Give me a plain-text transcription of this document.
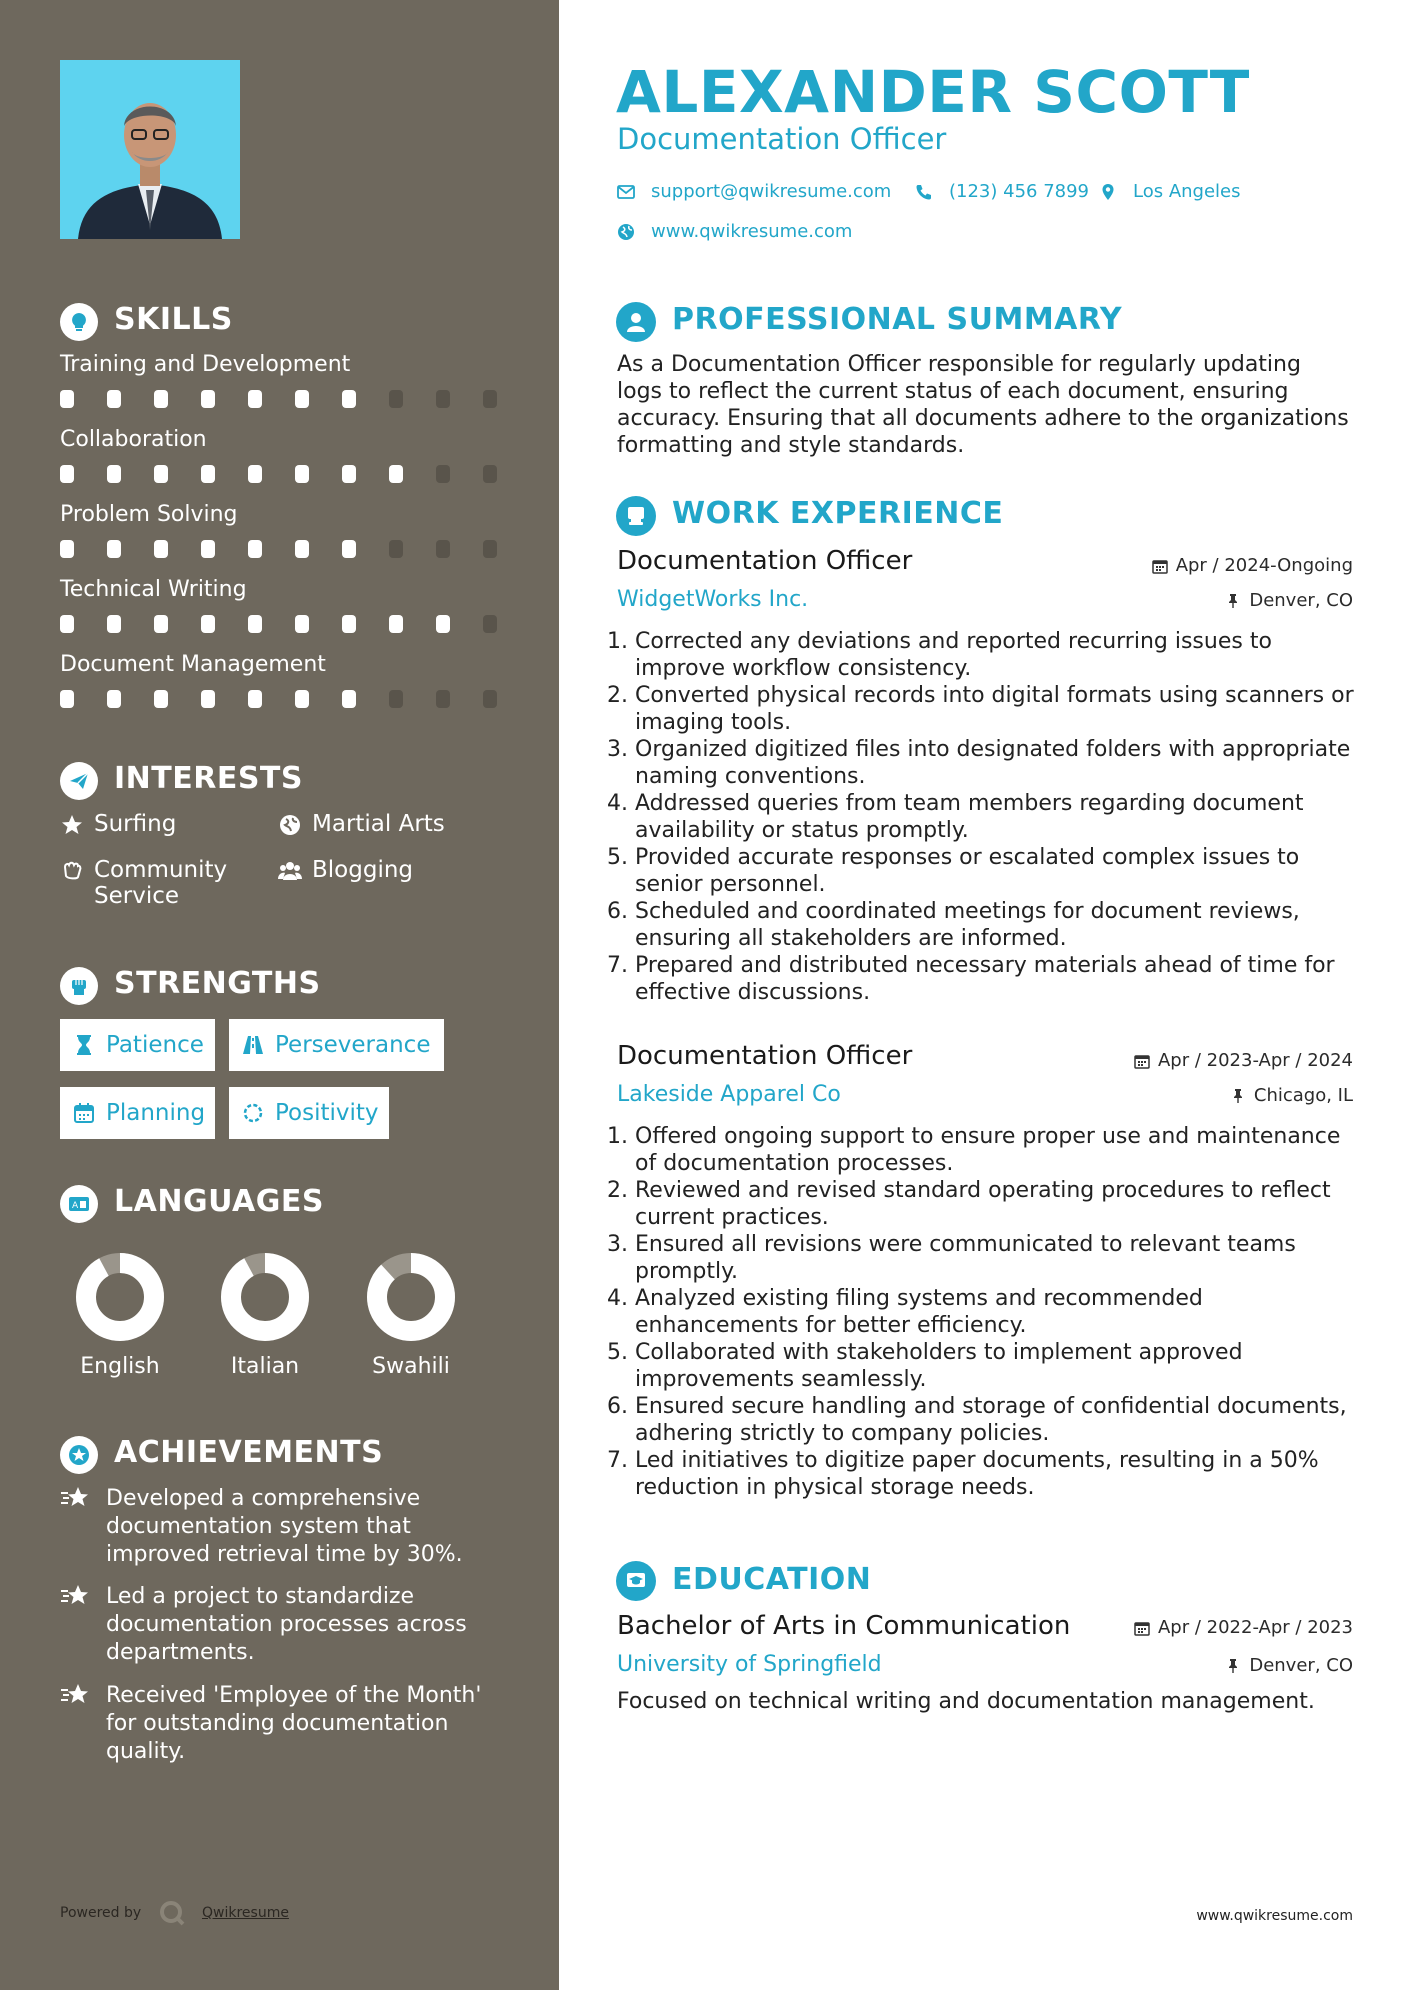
SKILLS
Training and Development
Collaboration
Problem Solving
Technical Writing
Document Management
INTERESTS
Surfing	Martial Arts
Community Service
Blogging
STRENGTHS
Patience	Perseverance
Planning	Positivity
A LANGUAGES
English	Italian	Swahili
ACHIEVEMENTS
Developed a comprehensive documentation system that improved retrieval time by 30%.
Led a project to standardize documentation processes across departments.
Received 'Employee of the Month' for outstanding documentation quality.
Powered by	Qwikresume
ALEXANDER SCOTT
Documentation Officer
support@qwikresume.com	(123) 456 7899 Los Angeles
www.qwikresume.com
PROFESSIONAL SUMMARY
As a Documentation Officer responsible for regularly updating logs to reflect the current status of each document, ensuring accuracy. Ensuring that all documents adhere to the organizations formatting and style standards.
WORK EXPERIENCE
Documentation Officer	Apr / 2024-Ongoing
WidgetWorks Inc.	Denver, CO
1. Corrected any deviations and reported recurring issues to improve workflow consistency.
2. Converted physical records into digital formats using scanners or imaging tools.
3. Organized digitized files into designated folders with appropriate naming conventions.
4. Addressed queries from team members regarding document availability or status promptly.
5. Provided accurate responses or escalated complex issues to senior personnel.
6. Scheduled and coordinated meetings for document reviews, ensuring all stakeholders are informed.
7. Prepared and distributed necessary materials ahead of time for effective discussions.
Documentation Officer	Apr / 2023-Apr / 2024
Lakeside Apparel Co	Chicago, IL
1. Offered ongoing support to ensure proper use and maintenance of documentation processes.
2. Reviewed and revised standard operating procedures to reflect current practices.
3. Ensured all revisions were communicated to relevant teams promptly.
4. Analyzed existing filing systems and recommended enhancements for better efficiency.
5. Collaborated with stakeholders to implement approved improvements seamlessly.
6. Ensured secure handling and storage of confidential documents, adhering strictly to company policies.
7. Led initiatives to digitize paper documents, resulting in a 50% reduction in physical storage needs.
EDUCATION
Bachelor of Arts in Communication	Apr / 2022-Apr / 2023
University of Springfield	Denver, CO
Focused on technical writing and documentation management.
www.qwikresume.com
